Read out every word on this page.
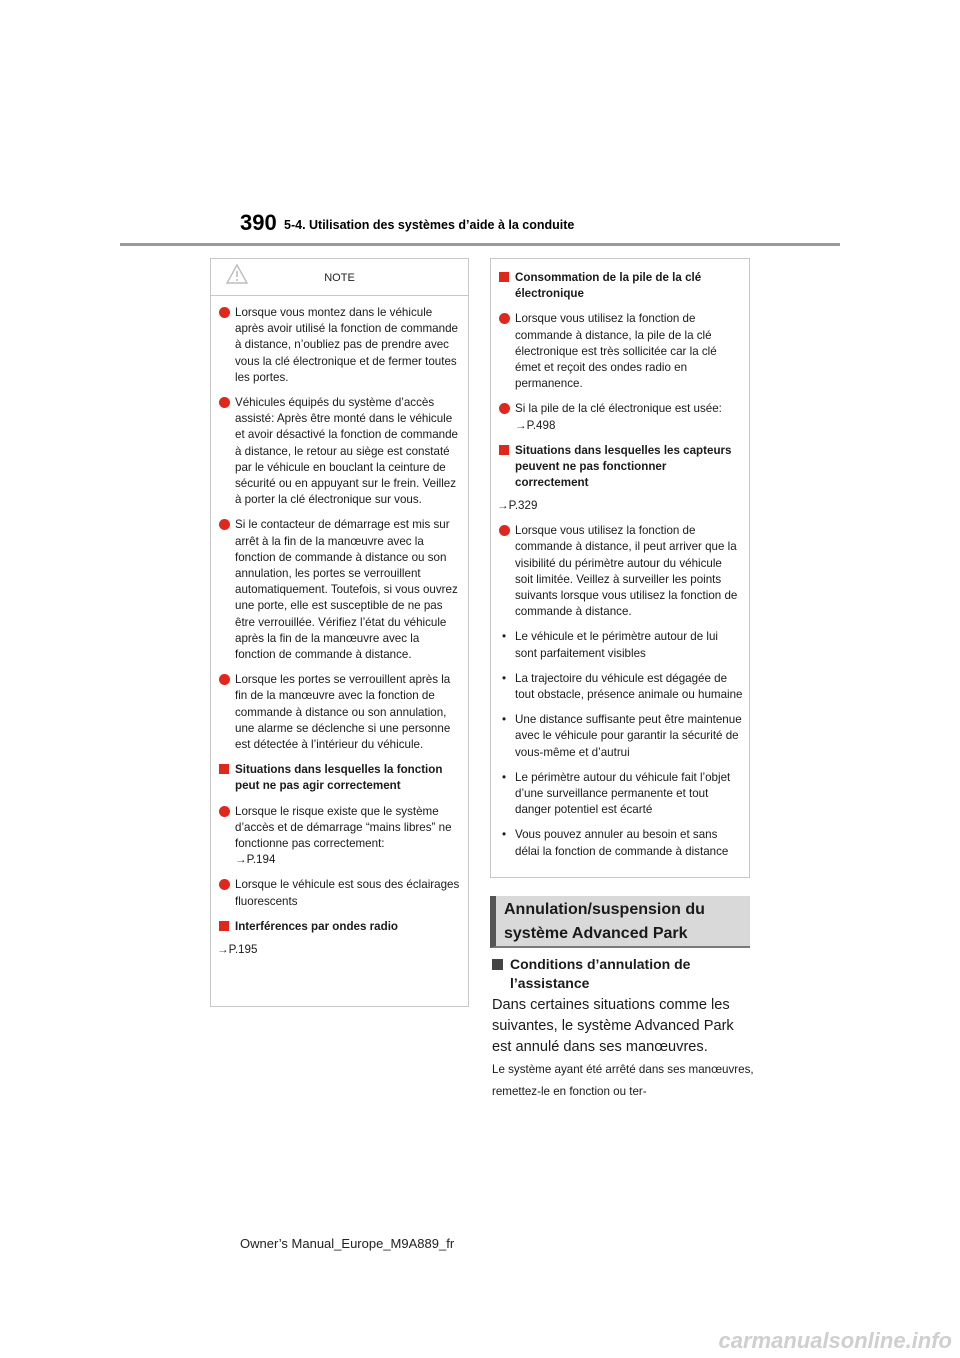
390 5-4. Utilisation des systèmes d’aide à la conduite
NOTE
Lorsque vous montez dans le véhicule après avoir utilisé la fonction de commande à distance, n’oubliez pas de prendre avec vous la clé électronique et de fermer toutes les portes.
Véhicules équipés du système d’accès assisté: Après être monté dans le véhicule et avoir désactivé la fonction de commande à distance, le retour au siège est constaté par le véhicule en bouclant la ceinture de sécurité ou en appuyant sur le frein. Veillez à porter la clé électronique sur vous.
Si le contacteur de démarrage est mis sur arrêt à la fin de la manœuvre avec la fonction de commande à distance ou son annulation, les portes se verrouillent automatiquement. Toutefois, si vous ouvrez une porte, elle est susceptible de ne pas être verrouillée. Vérifiez l’état du véhicule après la fin de la manœuvre avec la fonction de commande à distance.
Lorsque les portes se verrouillent après la fin de la manœuvre avec la fonction de commande à distance ou son annulation, une alarme se déclenche si une personne est détectée à l’intérieur du véhicule.
Situations dans lesquelles la fonction peut ne pas agir correctement
Lorsque le risque existe que le système d’accès et de démarrage “mains libres” ne fonctionne pas correctement:
→P.194
Lorsque le véhicule est sous des éclairages fluorescents
Interférences par ondes radio
→P.195
Consommation de la pile de la clé électronique
Lorsque vous utilisez la fonction de commande à distance, la pile de la clé électronique est très sollicitée car la clé émet et reçoit des ondes radio en permanence.
Si la pile de la clé électronique est usée:
→P.498
Situations dans lesquelles les capteurs peuvent ne pas fonctionner correctement
→P.329
Lorsque vous utilisez la fonction de commande à distance, il peut arriver que la visibilité du périmètre autour du véhicule soit limitée. Veillez à surveiller les points suivants lorsque vous utilisez la fonction de commande à distance.
• Le véhicule et le périmètre autour de lui sont parfaitement visibles
• La trajectoire du véhicule est dégagée de tout obstacle, présence animale ou humaine
• Une distance suffisante peut être maintenue avec le véhicule pour garantir la sécurité de vous-même et d’autrui
• Le périmètre autour du véhicule fait l’objet d’une surveillance permanente et tout danger potentiel est écarté
• Vous pouvez annuler au besoin et sans délai la fonction de commande à distance
Annulation/suspension du système Advanced Park
Conditions d’annulation de l’assistance
Dans certaines situations comme les suivantes, le système Advanced Park est annulé dans ses manœuvres.
Le système ayant été arrêté dans ses manœuvres, remettez-le en fonction ou ter-
Owner’s Manual_Europe_M9A889_fr
carmanualsonline.info
